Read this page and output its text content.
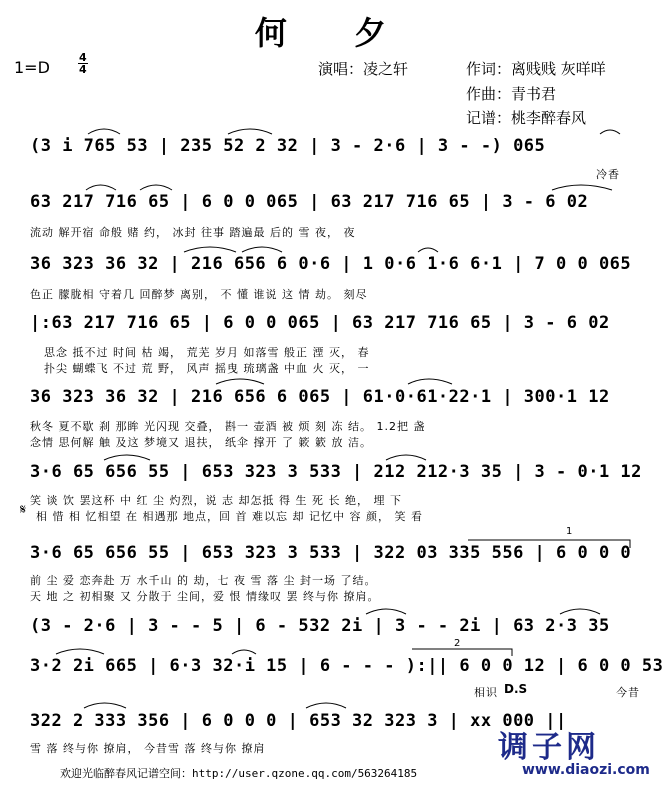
何 夕
1=D	$\frac{4}{4}$	演唱：凌之轩	作词：离贱贱 灰咩咩
作曲：青书君
记谱：桃李醉春风
(3 i 765 53 | 235 52 2 32 | 3 - 2·6 | 3 - -) 065
冷香
63 217 716 65 | 6 0 0 065 | 63 217 716 65 | 3 - 6 02
流动 解开宿 命般 赌 约， 冰封 往事 踏遍最 后的 雪 夜， 夜
36 323 36 32 | 216 656 6 0·6 | 1 0·6 1·6 6·1 | 7 0 0 065
色正 朦胧相 守着几 回醉梦 离别， 不 懂 谁说 这 情 劫。 刻尽
|:63 217 716 65 | 6 0 0 065 | 63 217 716 65 | 3 - 6 02
思念 抵不过 时间 枯 竭， 荒芜 岁月 如落雪 般正 湮 灭， 春
扑尖 蝴蝶飞 不过 荒 野， 风声 摇曳 琉璃盏 中血 火 灭， 一
36 323 36 32 | 216 656 6 065 | 61·0·61·22·1 | 300·1 12
秋冬 夏不歇 刹 那眸 光闪现 交叠， 斟一 壶酒 被 烦 刻 冻 结。 1.2把 盏
念情 思何解 触 及这 梦境又 退扶， 纸伞 撑开 了 簌 簌 放 洁。
3·6 65 656 55 | 653 323 3 533 | 212 212·3 35 | 3 - 0·1 12
笑 谈 饮 罢这杯 中 红 尘 灼烈，说 志 却怎抵 得 生 死 长 绝， 埋 下
𝄋 相 惜 相 忆相望 在 相遇那 地点，回 首 难以忘 却 记忆中 容 颜， 笑 看
1
3·6 65 656 55 | 653 323 3 533 | 322 03 335 556 | 6 0 0 0
前 尘 爱 恋奔赴 万 水千山 的 劫，七 夜 雪 落 尘 封一场 了结。
天 地 之 初相聚 又 分散于 尘间，爱 恨 情缘叹 罢 终与你 撩肩。
(3 - 2·6 | 3 - - 5 | 6 - 532 2i | 3 - - 2i | 63 2·3 35
2
3·2 2i 665 | 6·3 32·i 15 | 6 - - - ):|| 6 0 0 12 | 6 0 0 53
相识 D.S	今昔
322 2 333 356 | 6 0 0 0 | 653 32 323 3 | xx 000 ||
雪 落 终与你 撩肩， 今昔雪 落 终与你 撩肩
欢迎光临醉春风记谱空间：http://user.qzone.qq.com/563264185
调子网
www.diaozi.com
